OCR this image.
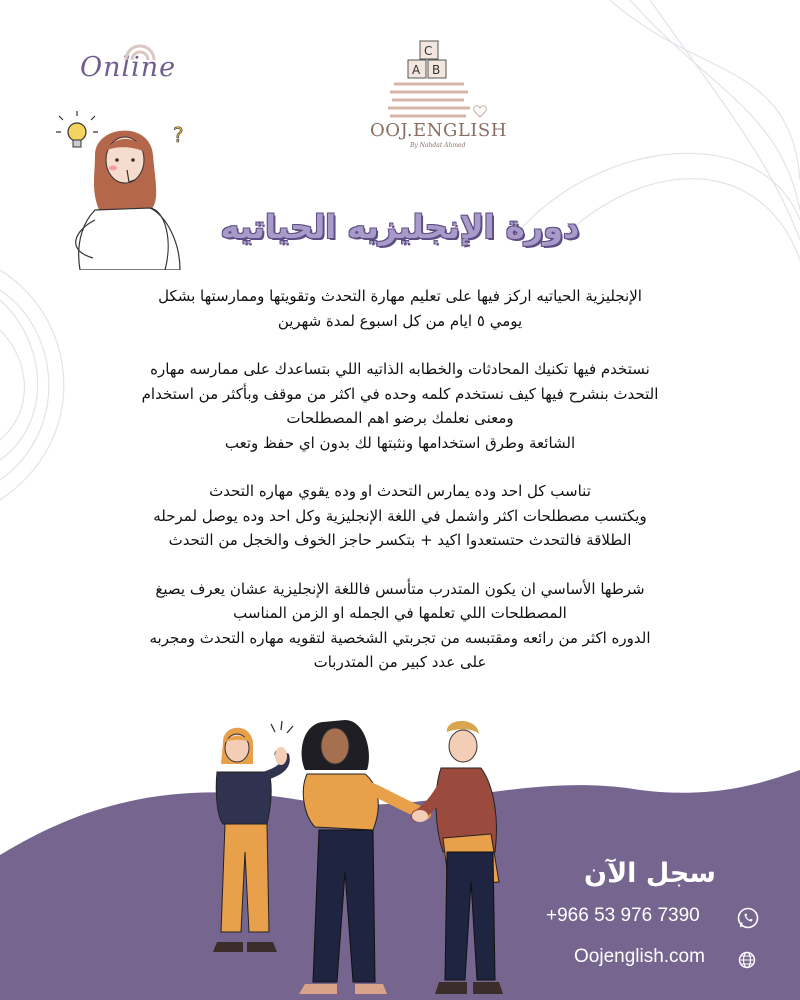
Online
?
C
A B
OOJ.ENGLISH
By Nahdat Ahmed
دورة الإنجليزيه الحياتيه
الإنجليزية الحياتيه اركز فيها على تعليم مهارة التحدث وتقويتها وممارستها بشكل
يومي ٥ ايام من كل اسبوع لمدة شهرين
نستخدم فيها تكنيك المحادثات والخطابه الذاتيه اللي بتساعدك على ممارسه مهاره
التحدث بنشرح فيها كيف نستخدم كلمه وحده في اكثر من موقف وبأكثر من استخدام
ومعنى نعلمك برضو اهم المصطلحات
الشائعة وطرق استخدامها ونثبتها لك بدون اي حفظ وتعب
تناسب كل احد وده يمارس التحدث او وده يقوي مهاره التحدث
ويكتسب مصطلحات اكثر واشمل في اللغة الإنجليزية وكل احد وده يوصل لمرحله
الطلاقة فالتحدث حتستعدوا اكيد + بتكسر حاجز الخوف والخجل من التحدث
شرطها الأساسي ان يكون المتدرب متأسس فاللغة الإنجليزية عشان يعرف يصيغ
المصطلحات اللي تعلمها في الجمله او الزمن المناسب
الدوره اكثر من رائعه ومقتبسه من تجربتي الشخصية لتقويه مهاره التحدث ومجربه
على عدد كبير من المتدربات
سجل الآن
+966 53 976 7390
Oojenglish.com
